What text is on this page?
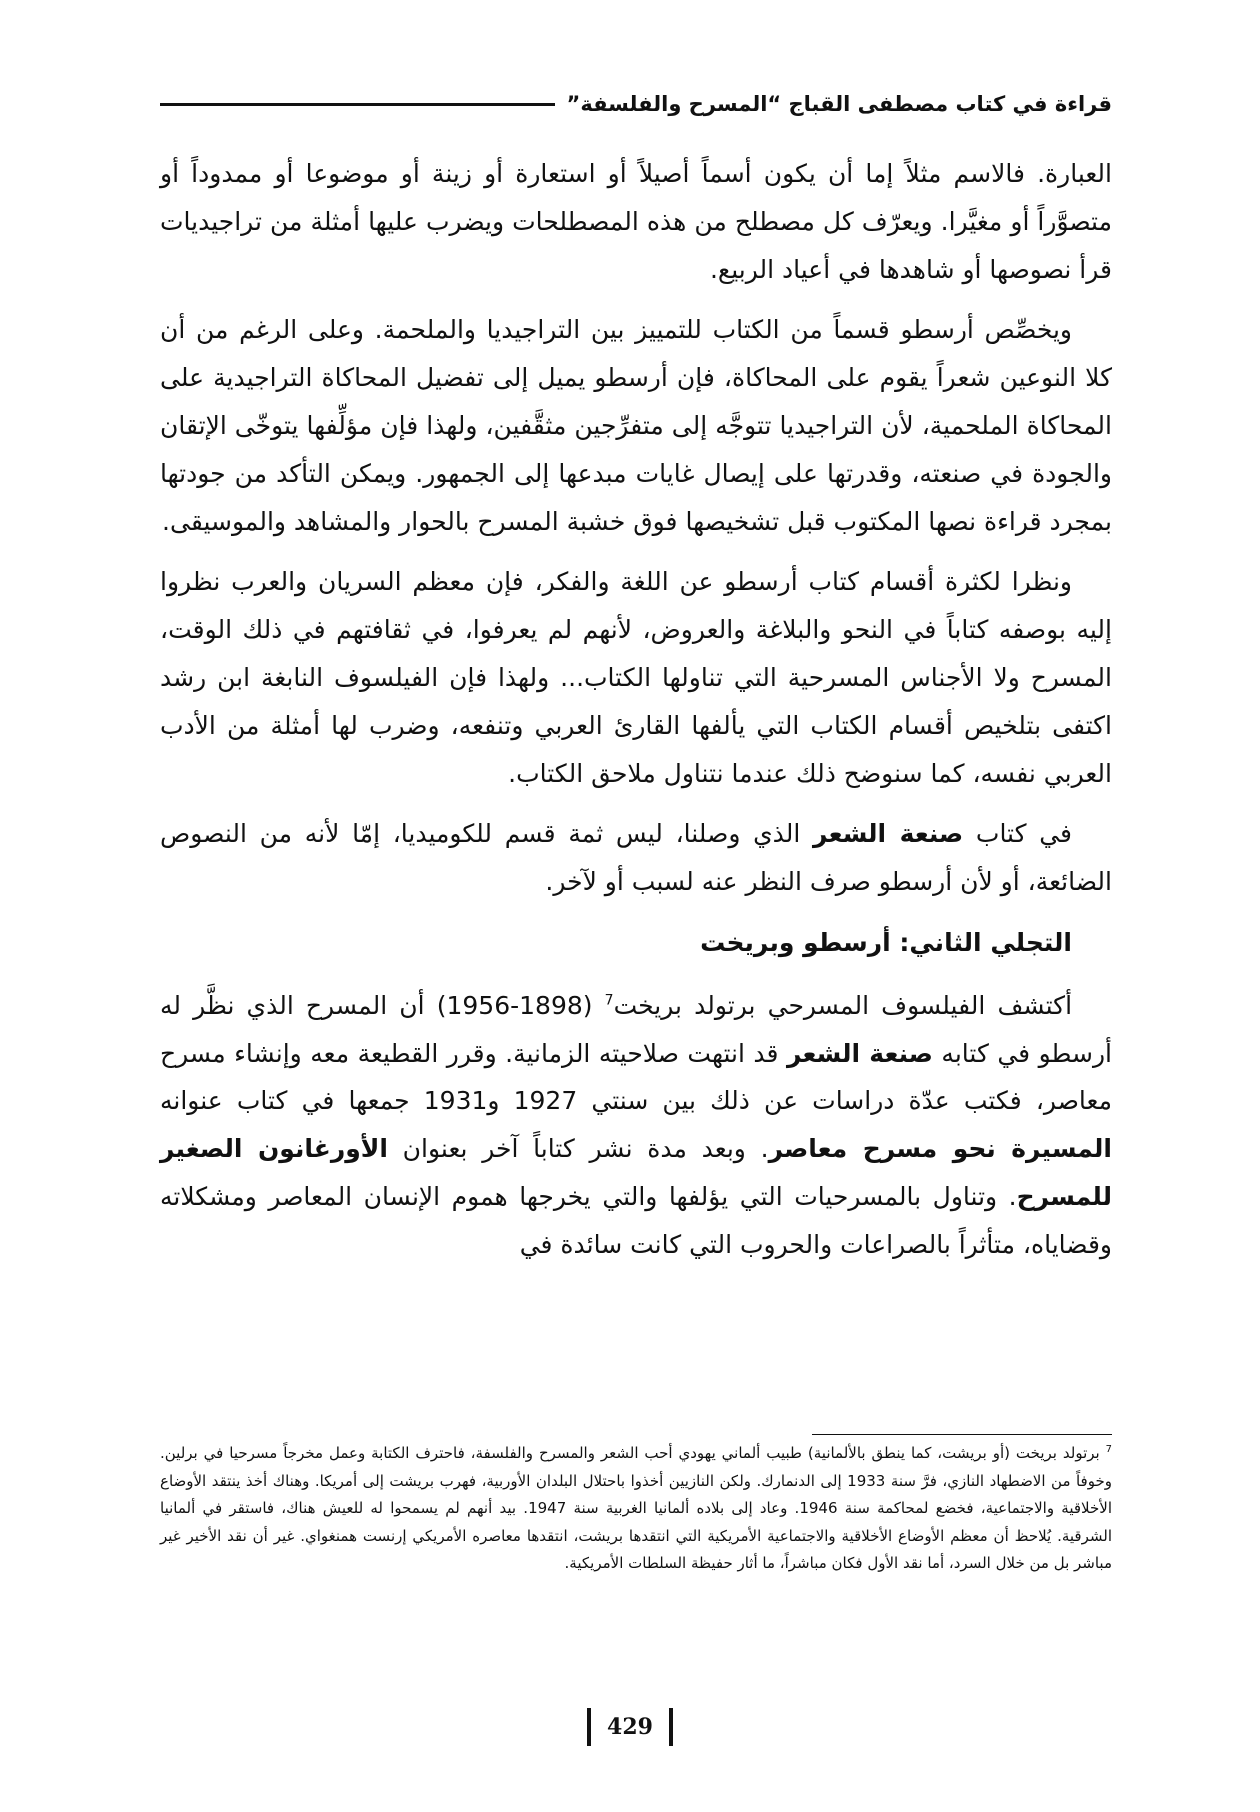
قراءة في كتاب مصطفى القباج “المسرح والفلسفة”

العبارة. فالاسم مثلاً إما أن يكون أسماً أصيلاً أو استعارة أو زينة أو موضوعا أو ممدوداً أو متصوَّراً أو مغيَّرا. ويعرّف كل مصطلح من هذه المصطلحات ويضرب عليها أمثلة من تراجيديات قرأ نصوصها أو شاهدها في أعياد الربيع.

ويخصِّص أرسطو قسماً من الكتاب للتمييز بين التراجيديا والملحمة. وعلى الرغم من أن كلا النوعين شعراً يقوم على المحاكاة، فإن أرسطو يميل إلى تفضيل المحاكاة التراجيدية على المحاكاة الملحمية، لأن التراجيديا تتوجَّه إلى متفرِّجين مثقَّفين، ولهذا فإن مؤلِّفها يتوخّى الإتقان والجودة في صنعته، وقدرتها على إيصال غايات مبدعها إلى الجمهور. ويمكن التأكد من جودتها بمجرد قراءة نصها المكتوب قبل تشخيصها فوق خشبة المسرح بالحوار والمشاهد والموسيقى.

ونظرا لكثرة أقسام كتاب أرسطو عن اللغة والفكر، فإن معظم السريان والعرب نظروا إليه بوصفه كتاباً في النحو والبلاغة والعروض، لأنهم لم يعرفوا، في ثقافتهم في ذلك الوقت، المسرح ولا الأجناس المسرحية التي تناولها الكتاب... ولهذا فإن الفيلسوف النابغة ابن رشد اكتفى بتلخيص أقسام الكتاب التي يألفها القارئ العربي وتنفعه، وضرب لها أمثلة من الأدب العربي نفسه، كما سنوضح ذلك عندما نتناول ملاحق الكتاب.

في كتاب صنعة الشعر الذي وصلنا، ليس ثمة قسم للكوميديا، إمّا لأنه من النصوص الضائعة، أو لأن أرسطو صرف النظر عنه لسبب أو لآخر.

التجلي الثاني: أرسطو وبريخت

أكتشف الفيلسوف المسرحي برتولد بريخت$^7$ (1898-1956) أن المسرح الذي نظَّر له أرسطو في كتابه صنعة الشعر قد انتهت صلاحيته الزمانية. وقرر القطيعة معه وإنشاء مسرح معاصر، فكتب عدّة دراسات عن ذلك بين سنتي 1927 و1931 جمعها في كتاب عنوانه المسيرة نحو مسرح معاصر. وبعد مدة نشر كتاباً آخر بعنوان الأورغانون الصغير للمسرح. وتناول بالمسرحيات التي يؤلفها والتي يخرجها هموم الإنسان المعاصر ومشكلاته وقضاياه، متأثراً بالصراعات والحروب التي كانت سائدة في

$^7$ برتولد بريخت (أو بريشت، كما ينطق بالألمانية) طبيب ألماني يهودي أحب الشعر والمسرح والفلسفة، فاحترف الكتابة وعمل مخرجاً مسرحيا في برلين. وخوفاً من الاضطهاد النازي، فرَّ سنة 1933 إلى الدنمارك. ولكن النازيين أخذوا باحتلال البلدان الأوربية، فهرب بريشت إلى أمريكا. وهناك أخذ ينتقد الأوضاع الأخلاقية والاجتماعية، فخضع لمحاكمة سنة 1946. وعاد إلى بلاده ألمانيا الغربية سنة 1947. بيد أنهم لم يسمحوا له للعيش هناك، فاستقر في ألمانيا الشرقية. يُلاحظ أن معظم الأوضاع الأخلاقية والاجتماعية الأمريكية التي انتقدها بريشت، انتقدها معاصره الأمريكي إرنست همنغواي. غير أن نقد الأخير غير مباشر بل من خلال السرد، أما نقد الأول فكان مباشراً، ما أثار حفيظة السلطات الأمريكية.

429
